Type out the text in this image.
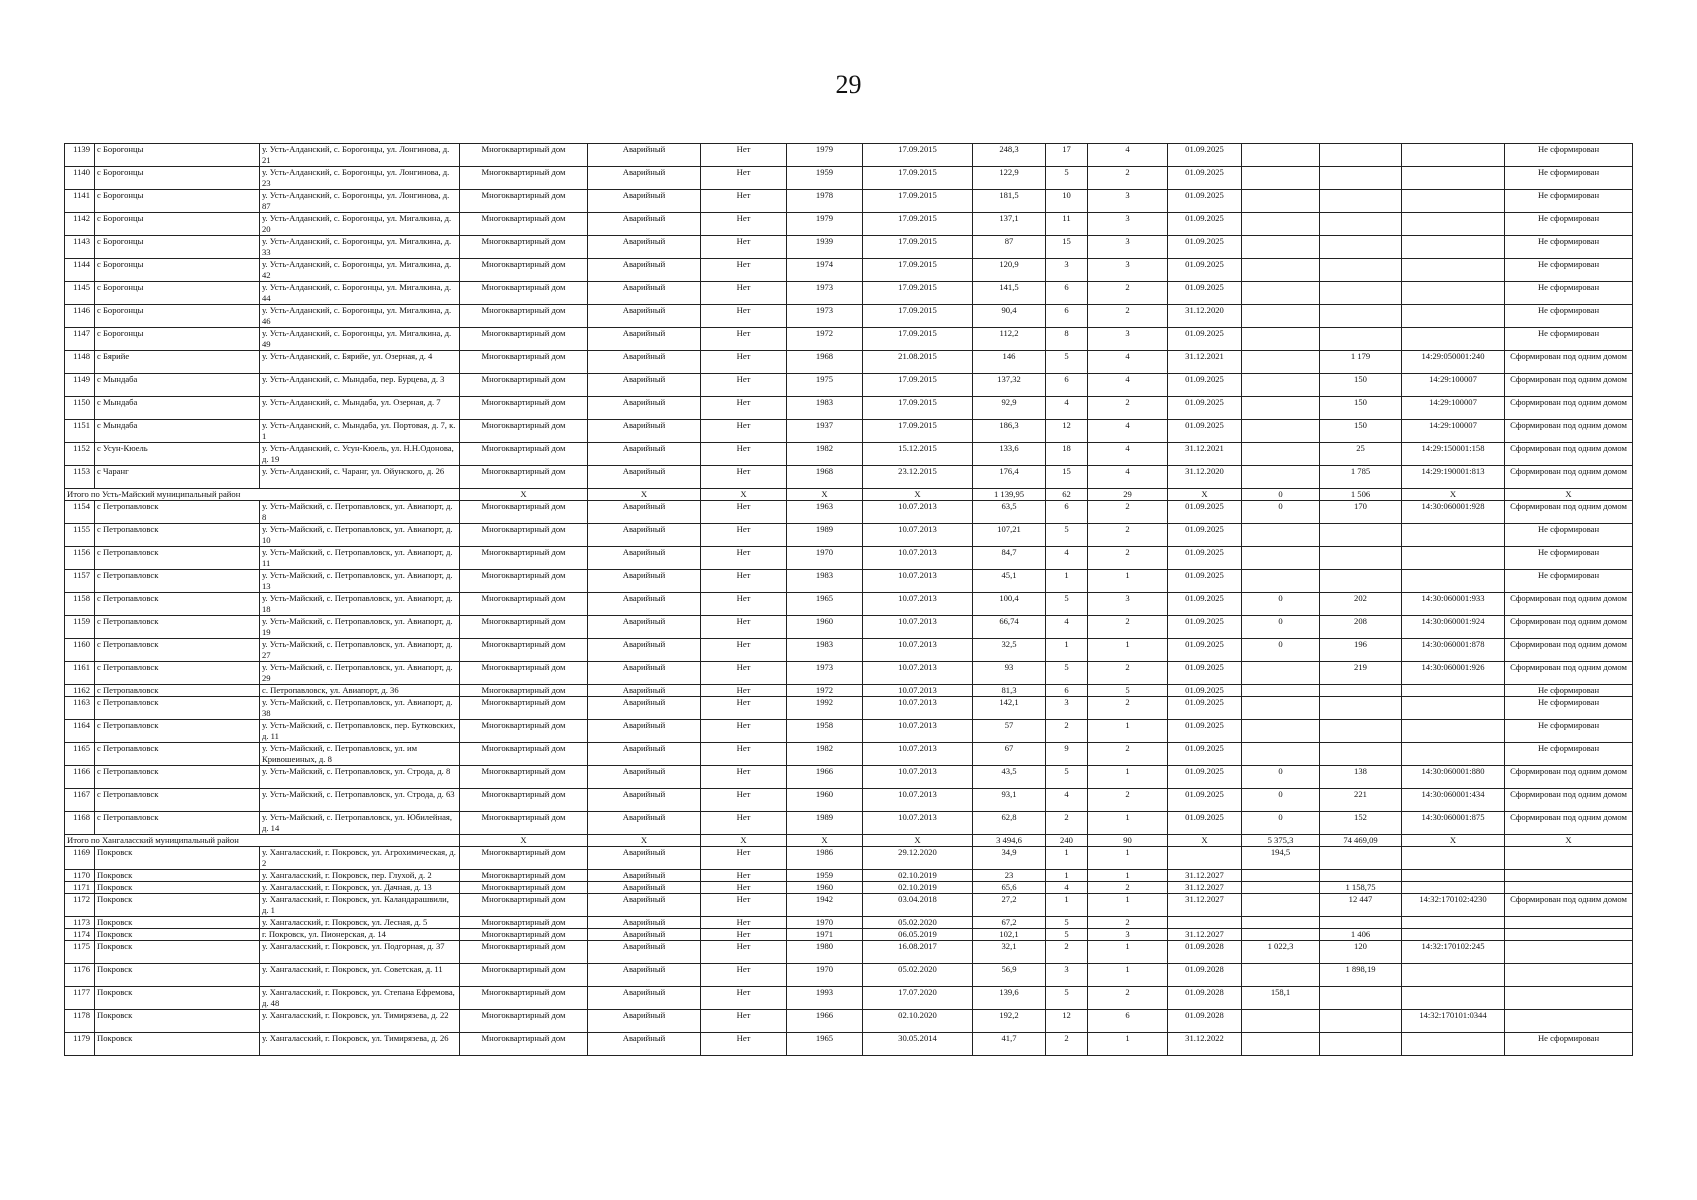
29
1139	с Борогонцы	у. Усть-Алданский, с. Борогонцы, ул. Лонгинова, д. 21	Многоквартирный дом	Аварийный	Нет	1979	17.09.2015	248,3	17	4	01.09.2025				Не сформирован
1140	с Борогонцы	у. Усть-Алданский, с. Борогонцы, ул. Лонгинова, д. 23	Многоквартирный дом	Аварийный	Нет	1959	17.09.2015	122,9	5	2	01.09.2025				Не сформирован
1141	с Борогонцы	у. Усть-Алданский, с. Борогонцы, ул. Лонгинова, д. 87	Многоквартирный дом	Аварийный	Нет	1978	17.09.2015	181,5	10	3	01.09.2025				Не сформирован
1142	с Борогонцы	у. Усть-Алданский, с. Борогонцы, ул. Мигалкина, д. 20	Многоквартирный дом	Аварийный	Нет	1979	17.09.2015	137,1	11	3	01.09.2025				Не сформирован
1143	с Борогонцы	у. Усть-Алданский, с. Борогонцы, ул. Мигалкина, д. 33	Многоквартирный дом	Аварийный	Нет	1939	17.09.2015	87	15	3	01.09.2025				Не сформирован
1144	с Борогонцы	у. Усть-Алданский, с. Борогонцы, ул. Мигалкина, д. 42	Многоквартирный дом	Аварийный	Нет	1974	17.09.2015	120,9	3	3	01.09.2025				Не сформирован
1145	с Борогонцы	у. Усть-Алданский, с. Борогонцы, ул. Мигалкина, д. 44	Многоквартирный дом	Аварийный	Нет	1973	17.09.2015	141,5	6	2	01.09.2025				Не сформирован
1146	с Борогонцы	у. Усть-Алданский, с. Борогонцы, ул. Мигалкина, д. 46	Многоквартирный дом	Аварийный	Нет	1973	17.09.2015	90,4	6	2	31.12.2020				Не сформирован
1147	с Борогонцы	у. Усть-Алданский, с. Борогонцы, ул. Мигалкина, д. 49	Многоквартирный дом	Аварийный	Нет	1972	17.09.2015	112,2	8	3	01.09.2025				Не сформирован
1148	с Бярийе	у. Усть-Алданский, с. Бярийе, ул. Озерная, д. 4	Многоквартирный дом	Аварийный	Нет	1968	21.08.2015	146	5	4	31.12.2021		1 179	14:29:050001:240	Сформирован под одним домом
1149	с Мындаба	у. Усть-Алданский, с. Мындаба, пер. Бурцева, д. 3	Многоквартирный дом	Аварийный	Нет	1975	17.09.2015	137,32	6	4	01.09.2025		150	14:29:100007	Сформирован под одним домом
1150	с Мындаба	у. Усть-Алданский, с. Мындаба, ул. Озерная, д. 7	Многоквартирный дом	Аварийный	Нет	1983	17.09.2015	92,9	4	2	01.09.2025		150	14:29:100007	Сформирован под одним домом
1151	с Мындаба	у. Усть-Алданский, с. Мындаба, ул. Портовая, д. 7, к. 1	Многоквартирный дом	Аварийный	Нет	1937	17.09.2015	186,3	12	4	01.09.2025		150	14:29:100007	Сформирован под одним домом
1152	с Усун-Кюель	у. Усть-Алданский, с. Усун-Кюель, ул. Н.Н.Одонова, д. 19	Многоквартирный дом	Аварийный	Нет	1982	15.12.2015	133,6	18	4	31.12.2021		25	14:29:150001:158	Сформирован под одним домом
1153	с Чаранг	у. Усть-Алданский, с. Чаранг, ул. Ойунского, д. 26	Многоквартирный дом	Аварийный	Нет	1968	23.12.2015	176,4	15	4	31.12.2020		1 785	14:29:190001:813	Сформирован под одним домом
Итого по Усть-Майский муниципальный район			X	X	X	X	X	1 139,95	62	29	X	0	1 506	X	X
1154	с Петропавловск	у. Усть-Майский, с. Петропавловск, ул. Авиапорт, д. 8	Многоквартирный дом	Аварийный	Нет	1963	10.07.2013	63,5	6	2	01.09.2025	0	170	14:30:060001:928	Сформирован под одним домом
1155	с Петропавловск	у. Усть-Майский, с. Петропавловск, ул. Авиапорт, д. 10	Многоквартирный дом	Аварийный	Нет	1989	10.07.2013	107,21	5	2	01.09.2025				Не сформирован
1156	с Петропавловск	у. Усть-Майский, с. Петропавловск, ул. Авиапорт, д. 11	Многоквартирный дом	Аварийный	Нет	1970	10.07.2013	84,7	4	2	01.09.2025				Не сформирован
1157	с Петропавловск	у. Усть-Майский, с. Петропавловск, ул. Авиапорт, д. 13	Многоквартирный дом	Аварийный	Нет	1983	10.07.2013	45,1	1	1	01.09.2025				Не сформирован
1158	с Петропавловск	у. Усть-Майский, с. Петропавловск, ул. Авиапорт, д. 18	Многоквартирный дом	Аварийный	Нет	1965	10.07.2013	100,4	5	3	01.09.2025	0	202	14:30:060001:933	Сформирован под одним домом
1159	с Петропавловск	у. Усть-Майский, с. Петропавловск, ул. Авиапорт, д. 19	Многоквартирный дом	Аварийный	Нет	1960	10.07.2013	66,74	4	2	01.09.2025	0	208	14:30:060001:924	Сформирован под одним домом
1160	с Петропавловск	у. Усть-Майский, с. Петропавловск, ул. Авиапорт, д. 27	Многоквартирный дом	Аварийный	Нет	1983	10.07.2013	32,5	1	1	01.09.2025	0	196	14:30:060001:878	Сформирован под одним домом
1161	с Петропавловск	у. Усть-Майский, с. Петропавловск, ул. Авиапорт, д. 29	Многоквартирный дом	Аварийный	Нет	1973	10.07.2013	93	5	2	01.09.2025		219	14:30:060001:926	Сформирован под одним домом
1162	с Петропавловск	с. Петропавловск, ул. Авиапорт, д. 36	Многоквартирный дом	Аварийный	Нет	1972	10.07.2013	81,3	6	5	01.09.2025				Не сформирован
1163	с Петропавловск	у. Усть-Майский, с. Петропавловск, ул. Авиапорт, д. 38	Многоквартирный дом	Аварийный	Нет	1992	10.07.2013	142,1	3	2	01.09.2025				Не сформирован
1164	с Петропавловск	у. Усть-Майский, с. Петропавловск, пер. Бутковских, д. 11	Многоквартирный дом	Аварийный	Нет	1958	10.07.2013	57	2	1	01.09.2025				Не сформирован
1165	с Петропавловск	у. Усть-Майский, с. Петропавловск, ул. им Кривошеиных, д. 8	Многоквартирный дом	Аварийный	Нет	1982	10.07.2013	67	9	2	01.09.2025				Не сформирован
1166	с Петропавловск	у. Усть-Майский, с. Петропавловск, ул. Строда, д. 8	Многоквартирный дом	Аварийный	Нет	1966	10.07.2013	43,5	5	1	01.09.2025	0	138	14:30:060001:880	Сформирован под одним домом
1167	с Петропавловск	у. Усть-Майский, с. Петропавловск, ул. Строда, д. 63	Многоквартирный дом	Аварийный	Нет	1960	10.07.2013	93,1	4	2	01.09.2025	0	221	14:30:060001:434	Сформирован под одним домом
1168	с Петропавловск	у. Усть-Майский, с. Петропавловск, ул. Юбилейная, д. 14	Многоквартирный дом	Аварийный	Нет	1989	10.07.2013	62,8	2	1	01.09.2025	0	152	14:30:060001:875	Сформирован под одним домом
Итого по Хангаласский муниципальный район			X	X	X	X	X	3 494,6	240	90	X	5 375,3	74 469,09	X	X
1169	Покровск	у. Хангаласский, г. Покровск, ул. Агрохимическая, д. 2	Многоквартирный дом	Аварийный	Нет	1986	29.12.2020	34,9	1	1		194,5			
1170	Покровск	у. Хангаласский, г. Покровск, пер. Глухой, д. 2	Многоквартирный дом	Аварийный	Нет	1959	02.10.2019	23	1	1	31.12.2027				
1171	Покровск	у. Хангаласский, г. Покровск, ул. Дачная, д. 13	Многоквартирный дом	Аварийный	Нет	1960	02.10.2019	65,6	4	2	31.12.2027		1 158,75		
1172	Покровск	у. Хангаласский, г. Покровск, ул. Каландарашвили, д. 1	Многоквартирный дом	Аварийный	Нет	1942	03.04.2018	27,2	1	1	31.12.2027		12 447	14:32:170102:4230	Сформирован под одним домом
1173	Покровск	у. Хангаласский, г. Покровск, ул. Лесная, д. 5	Многоквартирный дом	Аварийный	Нет	1970	05.02.2020	67,2	5	2					
1174	Покровск	г. Покровск, ул. Пионерская, д. 14	Многоквартирный дом	Аварийный	Нет	1971	06.05.2019	102,1	5	3	31.12.2027		1 406		
1175	Покровск	у. Хангаласский, г. Покровск, ул. Подгорная, д. 37	Многоквартирный дом	Аварийный	Нет	1980	16.08.2017	32,1	2	1	01.09.2028	1 022,3	120	14:32:170102:245	
1176	Покровск	у. Хангаласский, г. Покровск, ул. Советская, д. 11	Многоквартирный дом	Аварийный	Нет	1970	05.02.2020	56,9	3	1	01.09.2028		1 898,19		
1177	Покровск	у. Хангаласский, г. Покровск, ул. Степана Ефремова, д. 48	Многоквартирный дом	Аварийный	Нет	1993	17.07.2020	139,6	5	2	01.09.2028	158,1			
1178	Покровск	у. Хангаласский, г. Покровск, ул. Тимирязева, д. 22	Многоквартирный дом	Аварийный	Нет	1966	02.10.2020	192,2	12	6	01.09.2028			14:32:170101:0344	
1179	Покровск	у. Хангаласский, г. Покровск, ул. Тимирязева, д. 26	Многоквартирный дом	Аварийный	Нет	1965	30.05.2014	41,7	2	1	31.12.2022				Не сформирован
